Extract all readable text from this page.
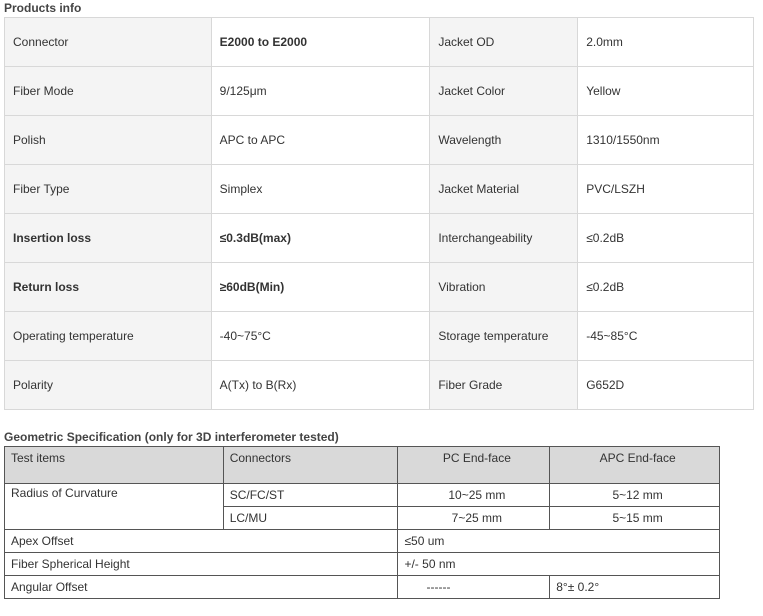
Products info
Connector	E2000 to E2000	Jacket OD	2.0mm
Fiber Mode	9/125μm	Jacket Color	Yellow
Polish	APC to APC	Wavelength	1310/1550nm
Fiber Type	Simplex	Jacket Material	PVC/LSZH
Insertion loss	≤0.3dB(max)	Interchangeability	≤0.2dB
Return loss	≥60dB(Min)	Vibration	≤0.2dB
Operating temperature	-40~75°C	Storage temperature	-45~85°C
Polarity	A(Tx) to B(Rx)	Fiber Grade	G652D
Geometric Specification (only for 3D interferometer tested)
Test items	Connectors	PC End-face	APC End-face
Radius of Curvature	SC/FC/ST	10~25 mm	5~12 mm
	LC/MU	7~25 mm	5~15 mm
Apex Offset		≤50 um	
Fiber Spherical Height		+/- 50 nm	
Angular Offset		------	8°± 0.2°
